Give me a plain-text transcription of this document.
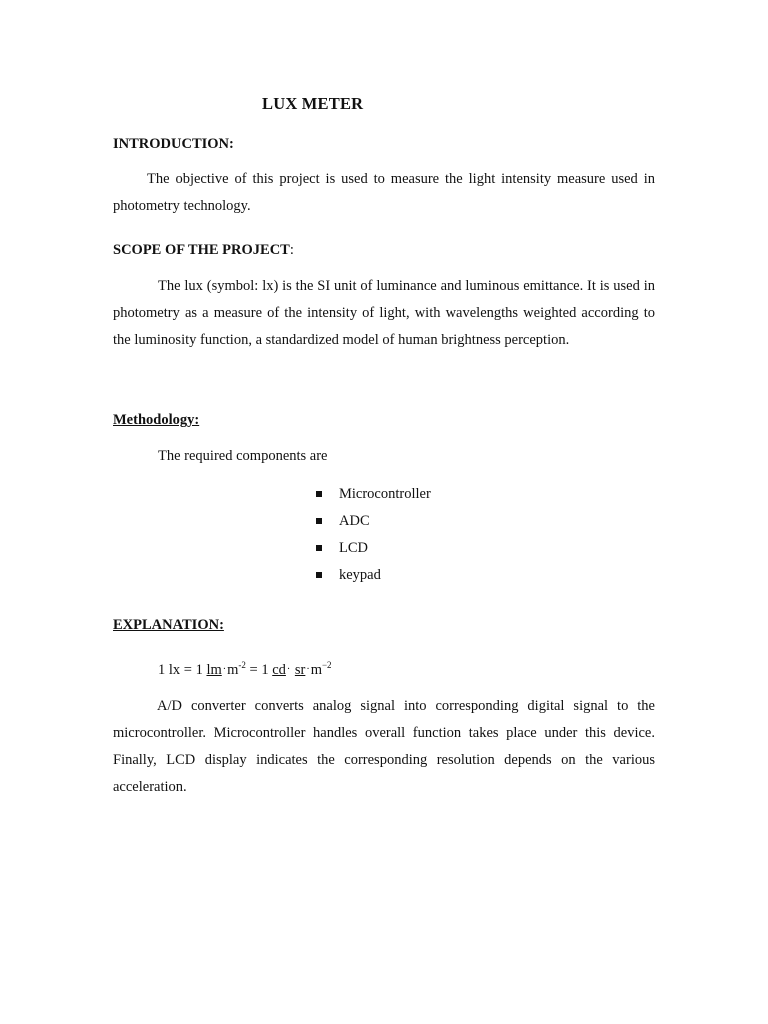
LUX METER
INTRODUCTION:

The objective of this project is used to measure the light intensity measure used in photometry technology.

SCOPE OF THE PROJECT:

The lux (symbol: lx) is the SI unit of luminance and luminous emittance. It is used in photometry as a measure of the intensity of light, with wavelengths weighted according to the luminosity function, a standardized model of human brightness perception.

Methodology:
The required components are
Microcontroller
ADC
LCD
keypad
EXPLANATION:
1 lx = 1 $lm\cdot m^{-2} = 1$ $cd\cdot sr\cdot m^{-2}$

A/D converter converts analog signal into corresponding digital signal to the microcontroller. Microcontroller handles overall function takes place under this device. Finally, LCD display indicates the corresponding resolution depends on the various acceleration.
